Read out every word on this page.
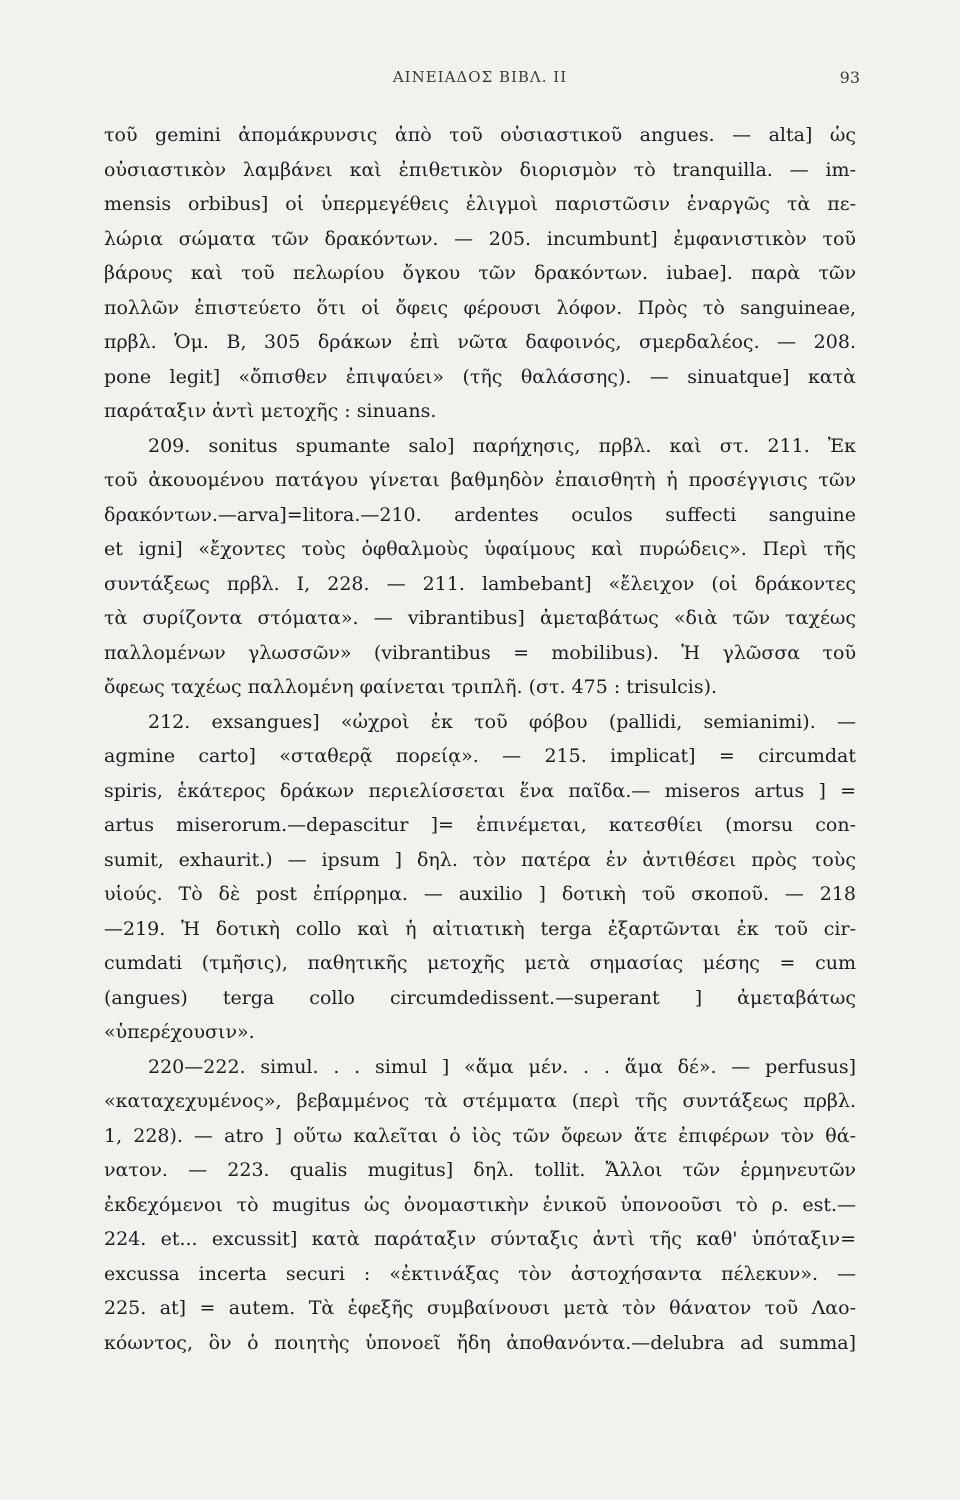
ΑΙΝΕΙΑΔΟΣ ΒΙΒΛ. II	93
τοῦ gemini ἀπομάκρυνσις ἀπὸ τοῦ οὐσιαστικοῦ angues. — alta] ὡς
οὐσιαστικὸν λαμβάνει καὶ ἐπιθετικὸν διορισμὸν τὸ tranquilla. — im-
mensis orbibus] οἱ ὑπερμεγέθεις ἑλιγμοὶ παριστῶσιν ἐναργῶς τὰ πε-
λώρια σώματα τῶν δρακόντων. — 205. incumbunt] ἐμφανιστικὸν τοῦ
βάρους καὶ τοῦ πελωρίου ὄγκου τῶν δρακόντων. iubae]. παρὰ τῶν
πολλῶν ἐπιστεύετο ὅτι οἱ ὄφεις φέρουσι λόφον. Πρὸς τὸ sanguineae,
πρβλ. Ὁμ. Β, 305 δράκων ἐπὶ νῶτα δαφοινός, σμερδαλέος. — 208.
pone legit] «ὄπισθεν ἐπιψαύει» (τῆς θαλάσσης). — sinuatque] κατὰ
παράταξιν ἀντὶ μετοχῆς : sinuans.
209. sonitus spumante salo] παρήχησις, πρβλ. καὶ στ. 211. Ἐκ
τοῦ ἀκουομένου πατάγου γίνεται βαθμηδὸν ἐπαισθητὴ ἡ προσέγγισις τῶν
δρακόντων.—arva]=litora.—210. ardentes oculos suffecti sanguine
et igni] «ἔχοντες τοὺς ὀφθαλμοὺς ὑφαίμους καὶ πυρώδεις». Περὶ τῆς
συντάξεως πρβλ. I, 228. — 211. lambebant] «ἔλειχον (οἱ δράκοντες
τὰ συρίζοντα στόματα». — vibrantibus] ἀμεταβάτως «διὰ τῶν ταχέως
παλλομένων γλωσσῶν» (vibrantibus = mobilibus). Ἡ γλῶσσα τοῦ
ὄφεως ταχέως παλλομένη φαίνεται τριπλῆ. (στ. 475 : trisulcis).
212. exsangues] «ὠχροὶ ἐκ τοῦ φόβου (pallidi, semianimi). —
agmine carto] «σταθερᾷ πορείᾳ». — 215. implicat] = circumdat
spiris, ἑκάτερος δράκων περιελίσσεται ἕνα παῖδα.— miseros artus ] =
artus miserorum.—depascitur ]= ἐπινέμεται, κατεσθίει (morsu con-
sumit, exhaurit.) — ipsum ] δηλ. τὸν πατέρα ἐν ἀντιθέσει πρὸς τοὺς
υἱούς. Τὸ δὲ post ἐπίρρημα. — auxilio ] δοτικὴ τοῦ σκοποῦ. — 218
—219. Ἡ δοτικὴ collo καὶ ἡ αἰτιατικὴ terga ἐξαρτῶνται ἐκ τοῦ cir-
cumdati (τμῆσις), παθητικῆς μετοχῆς μετὰ σημασίας μέσης = cum
(angues) terga collo circumdedissent.—superant ] ἀμεταβάτως
«ὑπερέχουσιν».
220—222. simul. . . simul ] «ἅμα μέν. . . ἅμα δέ». — perfusus]
«καταχεχυμένος», βεβαμμένος τὰ στέμματα (περὶ τῆς συντάξεως πρβλ.
1, 228). — atro ] οὕτω καλεῖται ὁ ἰὸς τῶν ὄφεων ἅτε ἐπιφέρων τὸν θά-
νατον. — 223. qualis mugitus] δηλ. tollit. Ἄλλοι τῶν ἑρμηνευτῶν
ἐκδεχόμενοι τὸ mugitus ὡς ὀνομαστικὴν ἑνικοῦ ὑπονοοῦσι τὸ ρ. est.—
224. et... excussit] κατὰ παράταξιν σύνταξις ἀντὶ τῆς καθ' ὑπόταξιν=
excussa incerta securi : «ἐκτινάξας τὸν ἀστοχήσαντα πέλεκυν». —
225. at] = autem. Τὰ ἑφεξῆς συμβαίνουσι μετὰ τὸν θάνατον τοῦ Λαο-
κόωντος, ὃν ὁ ποιητὴς ὑπονοεῖ ἤδη ἀποθανόντα.—delubra ad summa]
